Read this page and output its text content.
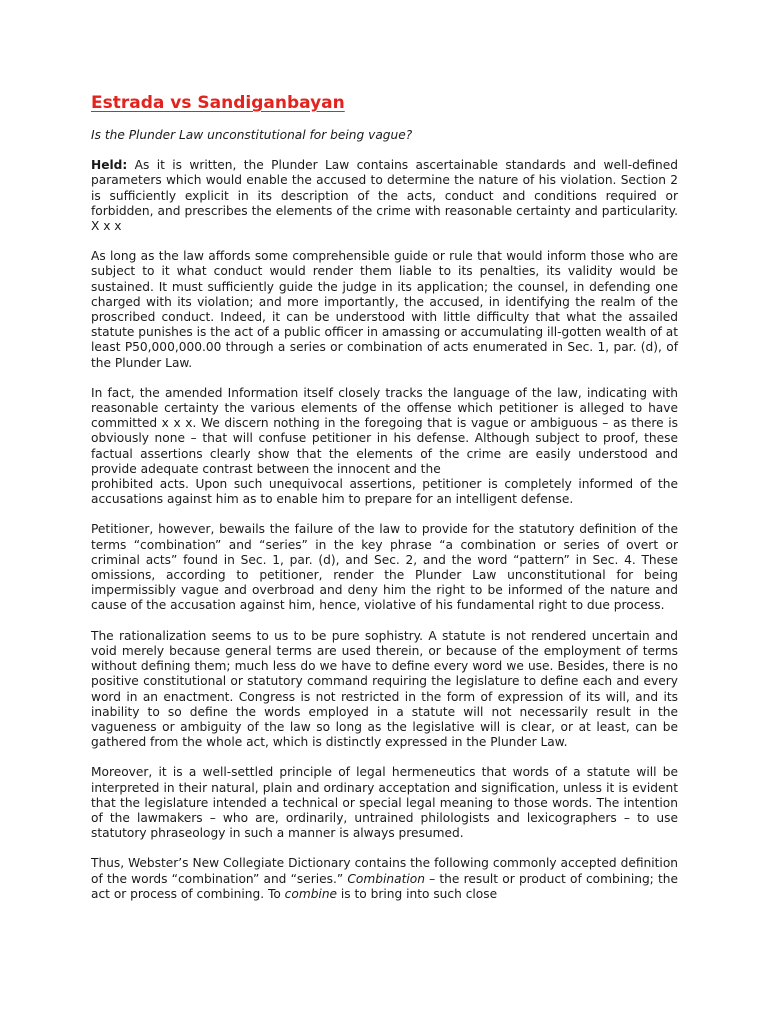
Estrada vs Sandiganbayan
Is the Plunder Law unconstitutional for being vague?

Held: As it is written, the Plunder Law contains ascertainable standards and well-defined parameters which would enable the accused to determine the nature of his violation. Section 2 is sufficiently explicit in its description of the acts, conduct and conditions required or forbidden, and prescribes the elements of the crime with reasonable certainty and particularity. X x x

As long as the law affords some comprehensible guide or rule that would inform those who are subject to it what conduct would render them liable to its penalties, its validity would be sustained. It must sufficiently guide the judge in its application; the counsel, in defending one charged with its violation; and more importantly, the accused, in identifying the realm of the proscribed conduct. Indeed, it can be understood with little difficulty that what the assailed statute punishes is the act of a public officer in amassing or accumulating ill-gotten wealth of at least P50,000,000.00 through a series or combination of acts enumerated in Sec. 1, par. (d), of the Plunder Law.

In fact, the amended Information itself closely tracks the language of the law, indicating with reasonable certainty the various elements of the offense which petitioner is alleged to have committed x x x. We discern nothing in the foregoing that is vague or ambiguous – as there is obviously none – that will confuse petitioner in his defense. Although subject to proof, these factual assertions clearly show that the elements of the crime are easily understood and provide adequate contrast between the innocent and the
prohibited acts. Upon such unequivocal assertions, petitioner is completely informed of the accusations against him as to enable him to prepare for an intelligent defense.

Petitioner, however, bewails the failure of the law to provide for the statutory definition of the terms “combination” and “series” in the key phrase “a combination or series of overt or criminal acts” found in Sec. 1, par. (d), and Sec. 2, and the word “pattern” in Sec. 4. These omissions, according to petitioner, render the Plunder Law unconstitutional for being impermissibly vague and overbroad and deny him the right to be informed of the nature and cause of the accusation against him, hence, violative of his fundamental right to due process.

The rationalization seems to us to be pure sophistry. A statute is not rendered uncertain and void merely because general terms are used therein, or because of the employment of terms without defining them; much less do we have to define every word we use. Besides, there is no positive constitutional or statutory command requiring the legislature to define each and every word in an enactment. Congress is not restricted in the form of expression of its will, and its inability to so define the words employed in a statute will not necessarily result in the vagueness or ambiguity of the law so long as the legislative will is clear, or at least, can be gathered from the whole act, which is distinctly expressed in the Plunder Law.

Moreover, it is a well-settled principle of legal hermeneutics that words of a statute will be interpreted in their natural, plain and ordinary acceptation and signification, unless it is evident that the legislature intended a technical or special legal meaning to those words. The intention of the lawmakers – who are, ordinarily, untrained philologists and lexicographers – to use statutory phraseology in such a manner is always presumed.

Thus, Webster’s New Collegiate Dictionary contains the following commonly accepted definition of the words “combination” and “series.” Combination – the result or product of combining; the act or process of combining. To combine is to bring into such close
